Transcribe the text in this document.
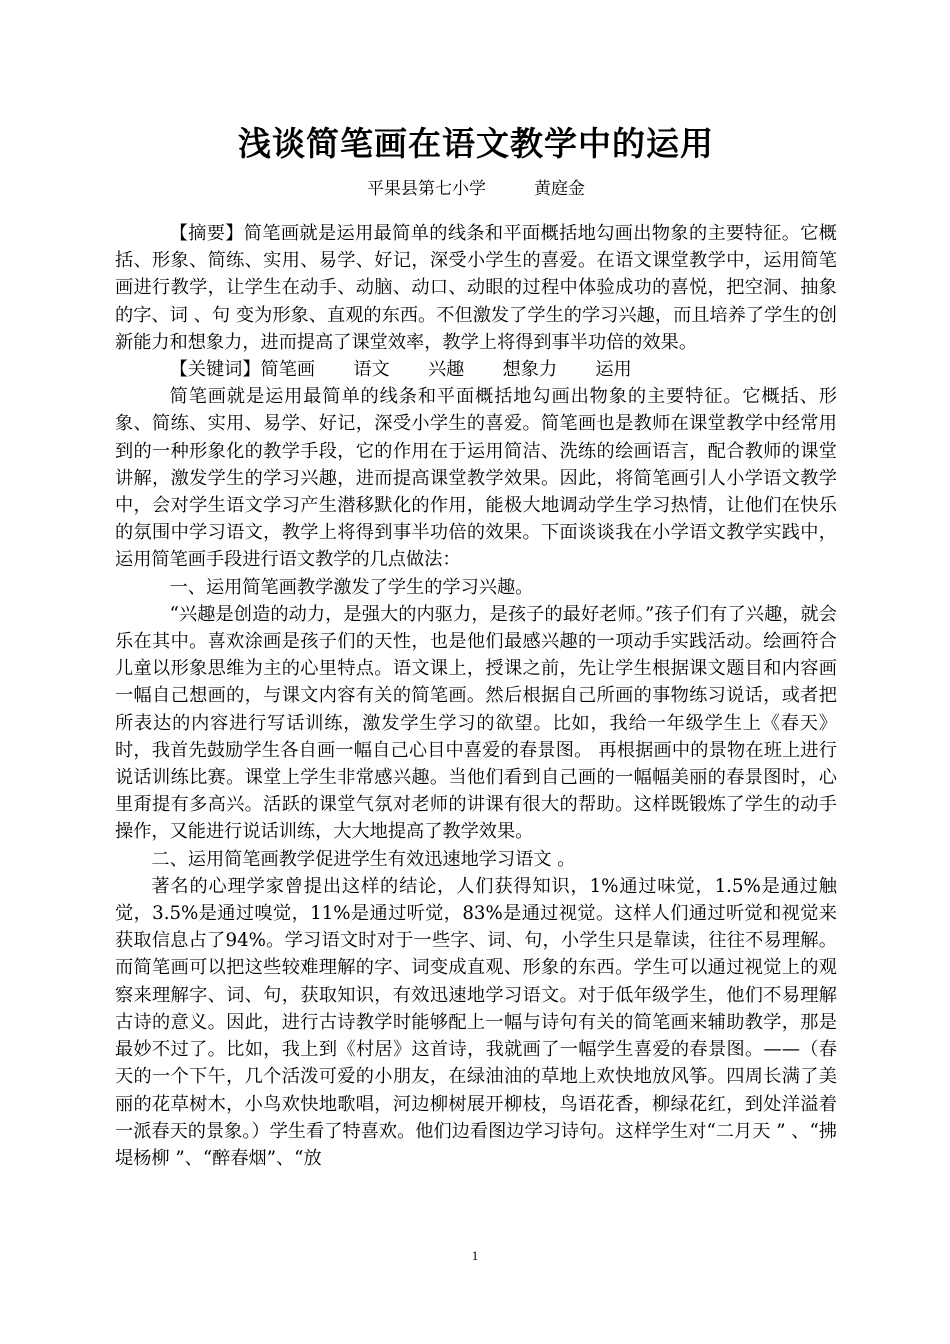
浅谈简笔画在语文教学中的运用
平果县第七小学	黄庭金

【摘要】简笔画就是运用最简单的线条和平面概括地勾画出物象的主要特征。它概括、形象、简练、实用、易学、好记，深受小学生的喜爱。在语文课堂教学中，运用简笔画进行教学，让学生在动手、动脑、动口、动眼的过程中体验成功的喜悦，把空洞、抽象的字、词 、句 变为形象、直观的东西。不但激发了学生的学习兴趣，而且培养了学生的创新能力和想象力，进而提高了课堂效率，教学上将得到事半功倍的效果。

【关键词】简笔画 语文 兴趣 想象力 运用

简笔画就是运用最简单的线条和平面概括地勾画出物象的主要特征。它概括、形象、简练、实用、易学、好记，深受小学生的喜爱。简笔画也是教师在课堂教学中经常用到的一种形象化的教学手段，它的作用在于运用简洁、洗练的绘画语言，配合教师的课堂讲解，激发学生的学习兴趣，进而提高课堂教学效果。因此，将简笔画引人小学语文教学中，会对学生语文学习产生潜移默化的作用，能极大地调动学生学习热情，让他们在快乐的氛围中学习语文，教学上将得到事半功倍的效果。下面谈谈我在小学语文教学实践中，运用简笔画手段进行语文教学的几点做法：

一、运用简笔画教学激发了学生的学习兴趣。

“兴趣是创造的动力，是强大的内驱力，是孩子的最好老师。”孩子们有了兴趣，就会乐在其中。喜欢涂画是孩子们的天性，也是他们最感兴趣的一项动手实践活动。绘画符合儿童以形象思维为主的心里特点。语文课上，授课之前，先让学生根据课文题目和内容画一幅自己想画的，与课文内容有关的简笔画。然后根据自己所画的事物练习说话，或者把所表达的内容进行写话训练，激发学生学习的欲望。比如，我给一年级学生上《春天》时，我首先鼓励学生各自画一幅自己心目中喜爱的春景图。 再根据画中的景物在班上进行说话训练比赛。课堂上学生非常感兴趣。当他们看到自己画的一幅幅美丽的春景图时，心里甭提有多高兴。活跃的课堂气氛对老师的讲课有很大的帮助。这样既锻炼了学生的动手操作，又能进行说话训练，大大地提高了教学效果。

二、运用简笔画教学促进学生有效迅速地学习语文 。

著名的心理学家曾提出这样的结论，人们获得知识，1%通过味觉，1.5%是通过触觉，3.5%是通过嗅觉，11%是通过听觉，83%是通过视觉。这样人们通过听觉和视觉来获取信息占了94%。学习语文时对于一些字、词、句，小学生只是靠读，往往不易理解。而简笔画可以把这些较难理解的字、词变成直观、形象的东西。学生可以通过视觉上的观察来理解字、词、句，获取知识，有效迅速地学习语文。对于低年级学生，他们不易理解古诗的意义。因此，进行古诗教学时能够配上一幅与诗句有关的简笔画来辅助教学，那是最妙不过了。比如，我上到《村居》这首诗，我就画了一幅学生喜爱的春景图。——（春天的一个下午，几个活泼可爱的小朋友，在绿油油的草地上欢快地放风筝。四周长满了美丽的花草树木，小鸟欢快地歌唱，河边柳树展开柳枝，鸟语花香，柳绿花红，到处洋溢着一派春天的景象。）学生看了特喜欢。他们边看图边学习诗句。这样学生对“二月天 ” 、“拂堤杨柳 ”、“醉春烟”、“放

1
